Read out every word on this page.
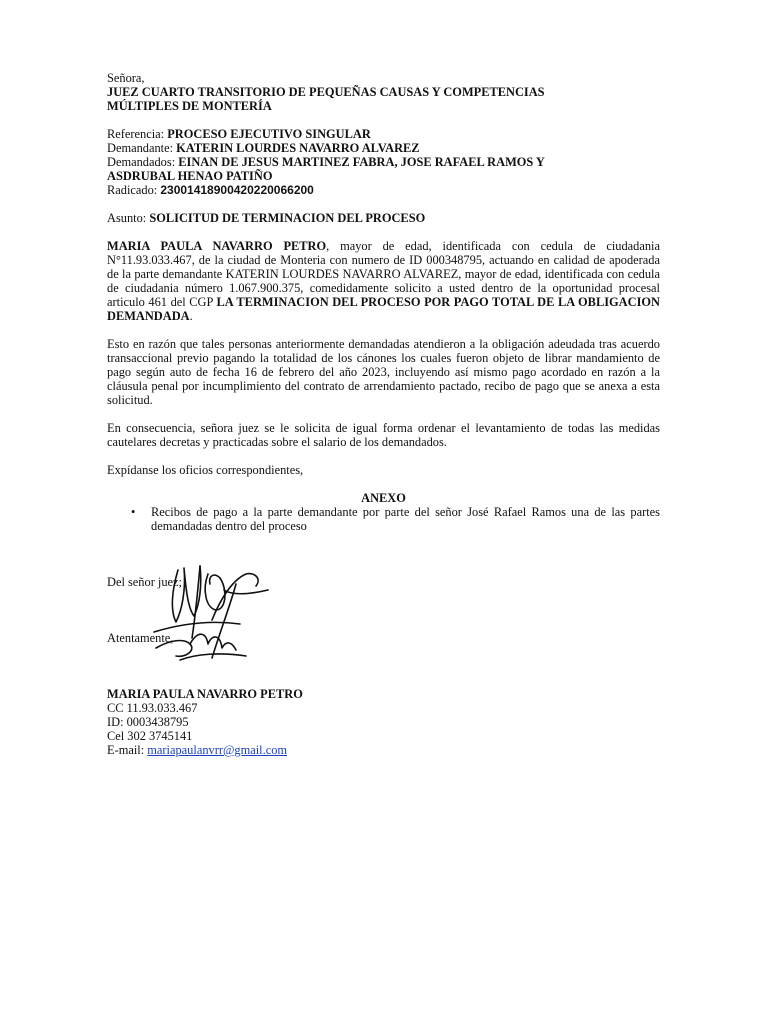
Señora,

JUEZ CUARTO TRANSITORIO DE PEQUEÑAS CAUSAS Y COMPETENCIAS

MÚLTIPLES DE MONTERÍA

Referencia: PROCESO EJECUTIVO SINGULAR

Demandante: KATERIN LOURDES NAVARRO ALVAREZ

Demandados: EINAN DE JESUS MARTINEZ FABRA, JOSE RAFAEL RAMOS Y

ASDRUBAL HENAO PATIÑO

Radicado: 23001418900420220066200

Asunto: SOLICITUD DE TERMINACION DEL PROCESO

MARIA PAULA NAVARRO PETRO, mayor de edad, identificada con cedula de ciudadania N°11.93.033.467, de la ciudad de Monteria con numero de ID 000348795, actuando en calidad de apoderada de la parte demandante KATERIN LOURDES NAVARRO ALVAREZ, mayor de edad, identificada con cedula de ciudadania número 1.067.900.375, comedidamente solicito a usted dentro de la oportunidad procesal articulo 461 del CGP LA TERMINACION DEL PROCESO POR PAGO TOTAL DE LA OBLIGACION DEMANDADA.

Esto en razón que tales personas anteriormente demandadas atendieron a la obligación adeudada tras acuerdo transaccional previo pagando la totalidad de los cánones los cuales fueron objeto de librar mandamiento de pago según auto de fecha 16 de febrero del año 2023, incluyendo así mismo pago acordado en razón a la cláusula penal por incumplimiento del contrato de arrendamiento pactado, recibo de pago que se anexa a esta solicitud.

En consecuencia, señora juez se le solicita de igual forma ordenar el levantamiento de todas las medidas cautelares decretas y practicadas sobre el salario de los demandados.

Expídanse los oficios correspondientes,

ANEXO

• Recibos de pago a la parte demandante por parte del señor José Rafael Ramos una de las partes demandadas dentro del proceso

Del señor juez;

Atentamente,

MARIA PAULA NAVARRO PETRO

CC 11.93.033.467

ID: 0003438795

Cel 302 3745141

E-mail: mariapaulanvrr@gmail.com
